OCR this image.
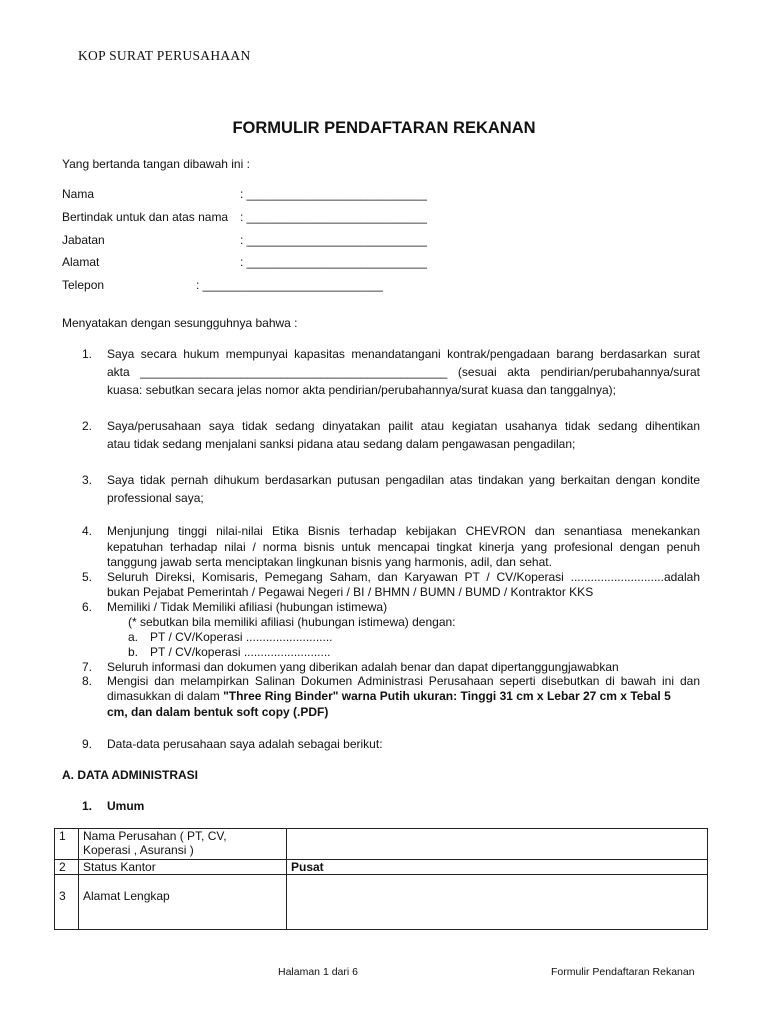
KOP SURAT PERUSAHAAN
FORMULIR PENDAFTARAN REKANAN
Yang bertanda tangan dibawah ini :
Nama	: ___________________________
Bertindak untuk dan atas nama : ___________________________
Jabatan	: ___________________________
Alamat	: ___________________________
Telepon	: ___________________________
Menyatakan dengan sesungguhnya bahwa :
1. Saya secara hukum mempunyai kapasitas menandatangani kontrak/pengadaan barang berdasarkan surat
akta ______________________________________________ (sesuai akta pendirian/perubahannya/surat
kuasa: sebutkan secara jelas nomor akta pendirian/perubahannya/surat kuasa dan tanggalnya);
2. Saya/perusahaan saya tidak sedang dinyatakan pailit atau kegiatan usahanya tidak sedang dihentikan
atau tidak sedang menjalani sanksi pidana atau sedang dalam pengawasan pengadilan;
3. Saya tidak pernah dihukum berdasarkan putusan pengadilan atas tindakan yang berkaitan dengan kondite
professional saya;
4. Menjunjung tinggi nilai-nilai Etika Bisnis terhadap kebijakan CHEVRON dan senantiasa menekankan
kepatuhan terhadap nilai / norma bisnis untuk mencapai tingkat kinerja yang profesional dengan penuh
tanggung jawab serta menciptakan lingkunan bisnis yang harmonis, adil, dan sehat.
5. Seluruh Direksi, Komisaris, Pemegang Saham, dan Karyawan PT / CV/Koperasi ............................adalah
bukan Pejabat Pemerintah / Pegawai Negeri / BI / BHMN / BUMN / BUMD / Kontraktor KKS
6. Memiliki / Tidak Memiliki afiliasi (hubungan istimewa)
(* sebutkan bila memiliki afiliasi (hubungan istimewa) dengan:
a. PT / CV/Koperasi ..........................
b. PT / CV/koperasi ..........................
7. Seluruh informasi dan dokumen yang diberikan adalah benar dan dapat dipertanggungjawabkan
8. Mengisi dan melampirkan Salinan Dokumen Administrasi Perusahaan seperti disebutkan di bawah ini dan
dimasukkan di dalam "Three Ring Binder" warna Putih ukuran: Tinggi 31 cm x Lebar 27 cm x Tebal 5
cm, dan dalam bentuk soft copy (.PDF)
9. Data-data perusahaan saya adalah sebagai berikut:
A. DATA ADMINISTRASI
1. Umum
1	Nama Perusahan ( PT, CV,
Koperasi , Asuransi )	

2	Status Kantor	Pusat
3	Alamat Lengkap	
Halaman 1 dari 6	Formulir Pendaftaran Rekanan
